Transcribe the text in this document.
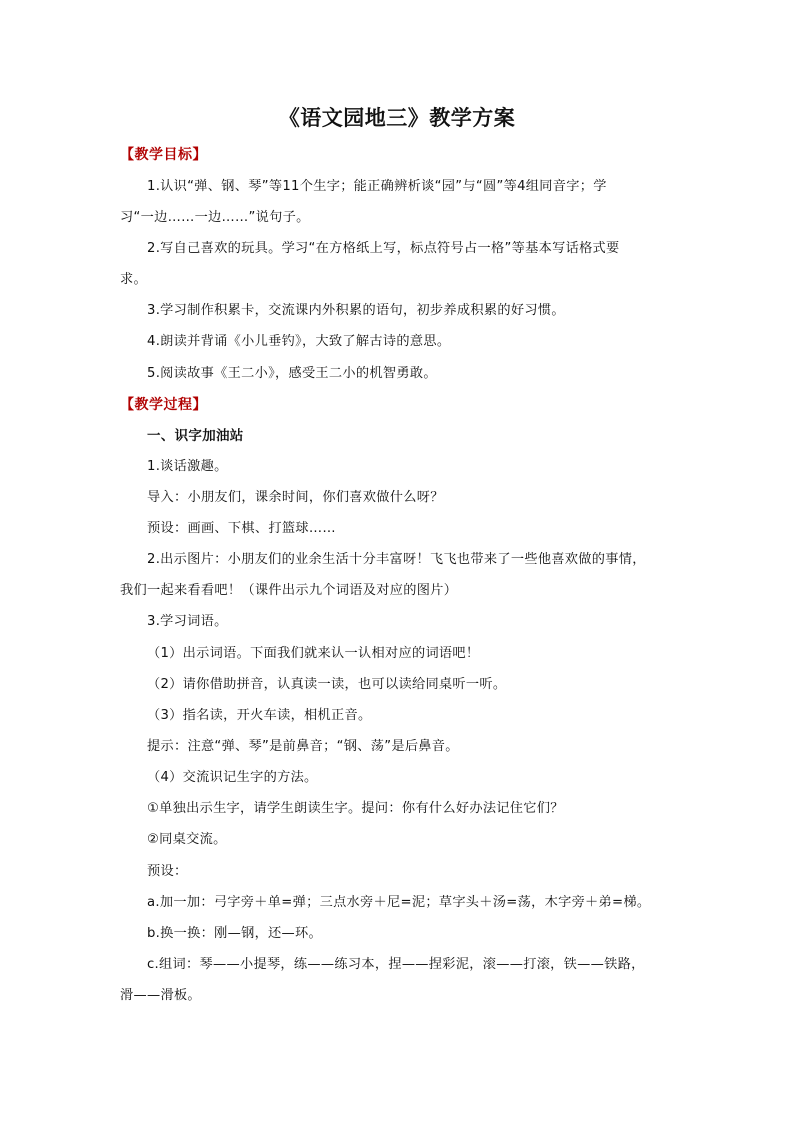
《语文园地三》教学方案
【教学目标】
1.认识“弹、钢、琴”等11个生字；能正确辨析谈“园”与“圆”等4组同音字；学
习“一边……一边……”说句子。
2.写自己喜欢的玩具。学习“在方格纸上写，标点符号占一格”等基本写话格式要
求。
3.学习制作积累卡，交流课内外积累的语句，初步养成积累的好习惯。
4.朗读并背诵《小儿垂钓》，大致了解古诗的意思。
5.阅读故事《王二小》，感受王二小的机智勇敢。
【教学过程】
一、识字加油站
1.谈话激趣。
导入：小朋友们，课余时间，你们喜欢做什么呀？
预设：画画、下棋、打篮球……
2.出示图片：小朋友们的业余生活十分丰富呀！飞飞也带来了一些他喜欢做的事情，
我们一起来看看吧！（课件出示九个词语及对应的图片）
3.学习词语。
（1）出示词语。下面我们就来认一认相对应的词语吧！
（2）请你借助拼音，认真读一读，也可以读给同桌听一听。
（3）指名读，开火车读，相机正音。
提示：注意“弹、琴”是前鼻音；“钢、荡”是后鼻音。
（4）交流识记生字的方法。
①单独出示生字，请学生朗读生字。提问：你有什么好办法记住它们？
②同桌交流。
预设：
a.加一加：弓字旁＋单=弹；三点水旁＋尼=泥；草字头＋汤=荡，木字旁＋弟=梯。
b.换一换：刚—钢，还—环。
c.组词：琴——小提琴，练——练习本，捏——捏彩泥，滚——打滚，铁——铁路，
滑——滑板。
